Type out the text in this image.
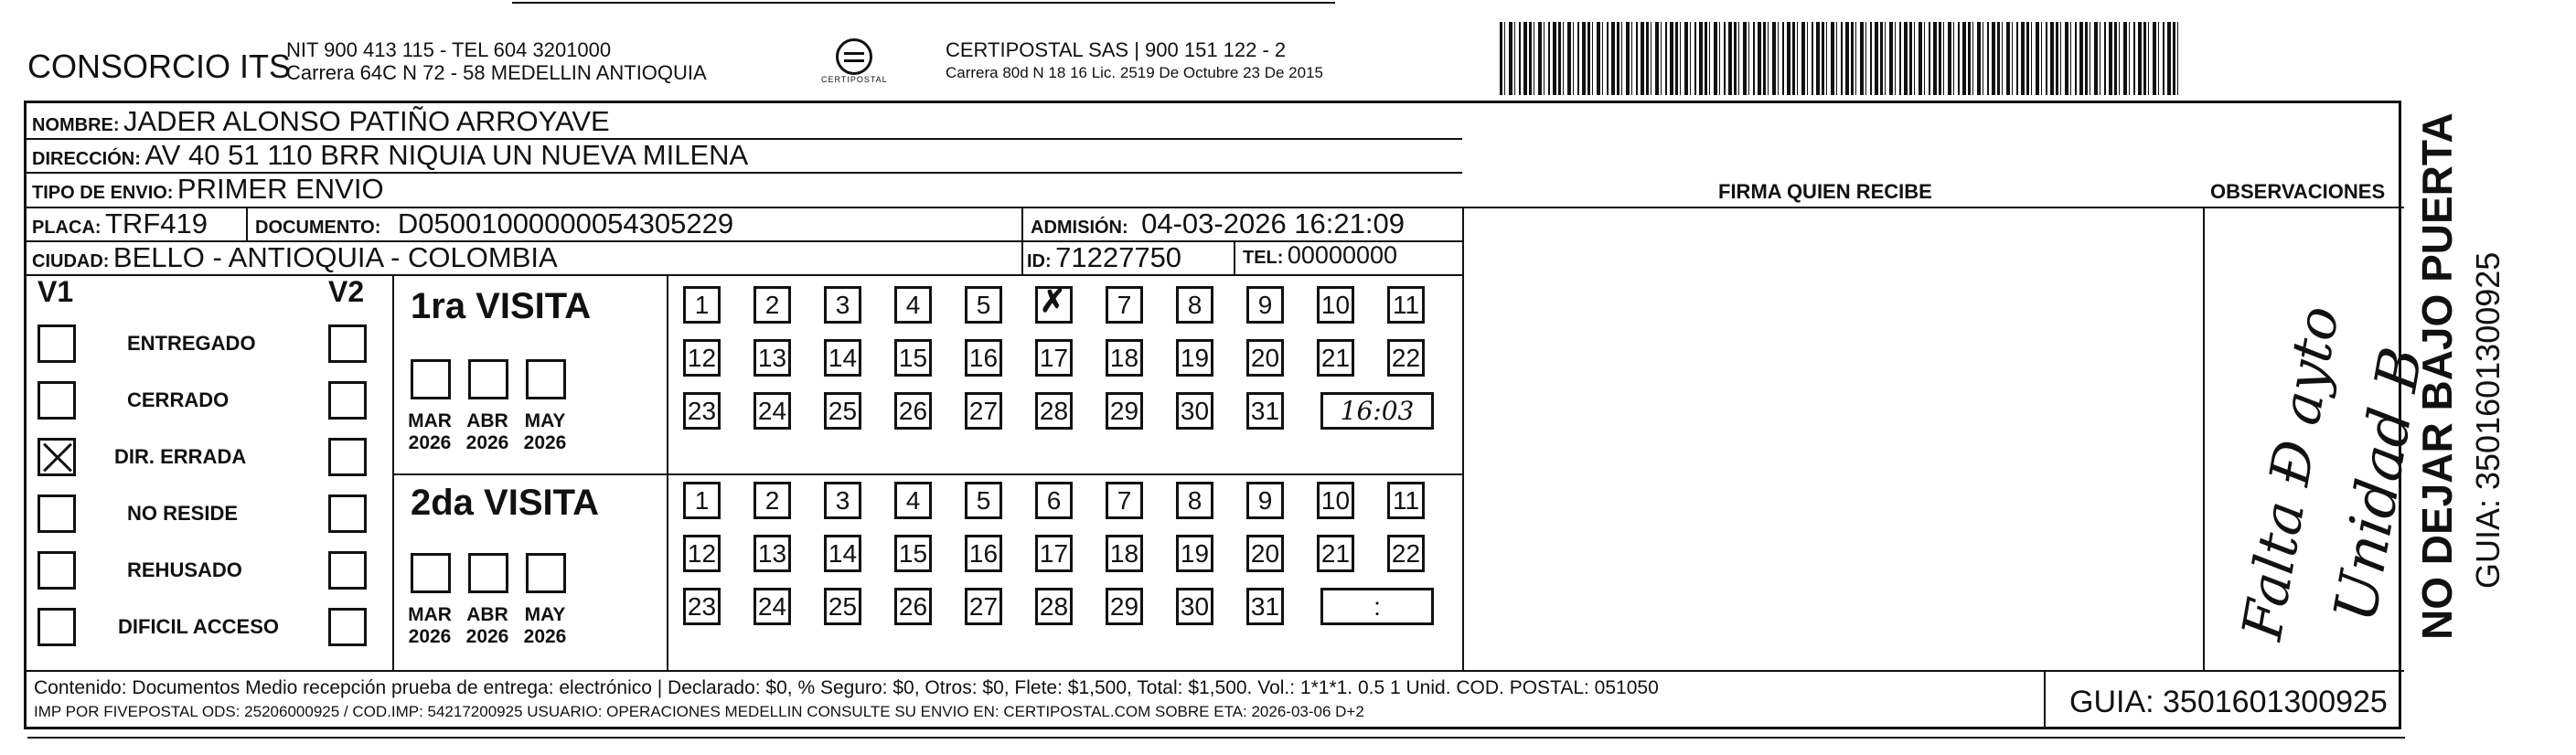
CONSORCIO ITS
NIT 900 413 115 - TEL 604 3201000
Carrera 64C N 72 - 58 MEDELLIN ANTIOQUIA	CERTIPOSTAL
CERTIPOSTAL SAS | 900 151 122 - 2
Carrera 80d N 18 16 Lic. 2519 De Octubre 23 De 2015
NOMBRE: JADER ALONSO PATIÑO ARROYAVE
DIRECCIÓN: AV 40 51 110 BRR NIQUIA UN NUEVA MILENA
TIPO DE ENVIO: PRIMER ENVIO
PLACA: TRF419	DOCUMENTO: D05001000000054305229	ADMISIÓN: 04-03-2026 16:21:09
CIUDAD: BELLO - ANTIOQUIA - COLOMBIA	ID: 71227750	TEL: 00000000
FIRMA QUIEN RECIBE	OBSERVACIONES
V1	V2
ENTREGADO
CERRADO
DIR. ERRADA
NO RESIDE
REHUSADO
DIFICIL ACCESO
1ra VISITA
MAR
2026
ABR
2026
MAY
2026
1	2	3	4	5	✗	7	8	9	10 11
12 13 14 15 16 17 18 19 20 21 22
23 24 25 26 27 28 29 30 31	16:03
2da VISITA
MAR
2026
ABR
2026
MAY
2026
1	2	3	4	5	6	7	8	9	10 11
12 13 14 15 16 17 18 19 20 21 22
23 24 25 26 27 28 29 30 31	:	Falta Ð ayto
Unidad B
Contenido: Documentos Medio recepción prueba de entrega: electrónico | Declarado: $0, % Seguro: $0, Otros: $0, Flete: $1,500, Total: $1,500. Vol.: 1*1*1. 0.5 1 Unid. COD. POSTAL: 051050
IMP POR FIVEPOSTAL ODS: 25206000925 / COD.IMP: 54217200925 USUARIO: OPERACIONES MEDELLIN CONSULTE SU ENVIO EN: CERTIPOSTAL.COM SOBRE ETA: 2026-03-06 D+2	GUIA: 3501601300925
NO DEJAR BAJO PUERTA GUIA: 3501601300925
